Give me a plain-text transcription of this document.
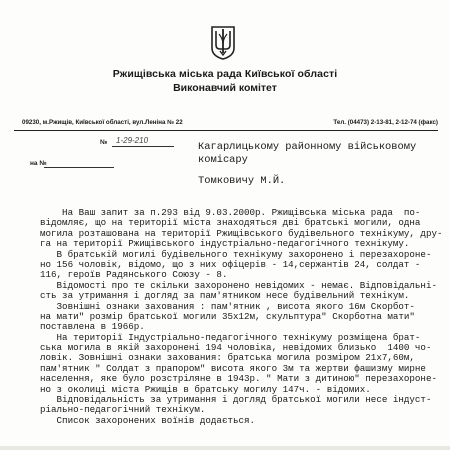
Ржищівська міська рада Київської області
Виконавчий комітет
09230, м.Ржищів, Київської області, вул.Леніна № 22	Тел. (04473) 2-13-81, 2-12-74 (факс)
№ 1-29-210
на №
Кагарлицькому районному військовому
комісару
Томковичу М.Й.
На Ваш запит за п.293 від 9.03.2000р. Ржищівська міська рада  по-
відомляє, що на території міста знаходяться дві братські могили, одна
могила розташована на території Ржищівського будівельного технікуму, дру-
га на території Ржищівського індустріально-педагогічного технікуму.
В братській могилі будівельного технікуму захоронено і перезахороне-
но 156 чоловік, відомо, що з них офіцерів - 14,сержантів 24, солдат -
116, героїв Радянського Союзу - 8.
Відомості про те скільки захоронено невідомих - немає. Відповідальні-
сть за утримання і догляд за пам'ятником несе будівельний технікум.
Зовнішні ознаки захования : пам'ятник , висота якого 16м Скорбот-
на мати" розмір братської могили 35х12м, скульптура" Скорботна мати"
поставлена в 1966р.
На території Індустріально-педагогічного технікуму розміщена брат-
ська могила в якій захоронені 194 чоловіка, невідомих близько  1400 чо-
ловік. Зовнішні ознаки захования: братська могила розміром 21х7,60м,
пам'ятник " Солдат з прапором" висота якого 3м та жертви фашизму мирне
населення, яке було розстріляне в 1943р. " Мати з дитиною" перезахороне-
но з околиці міста Ржищів в братську могилу 147ч. - відомих.
Відповідальність за утримання і догляд братської могили несе індуст-
ріально-педагогічний технікум.
Список захоронених воїнів додається.
